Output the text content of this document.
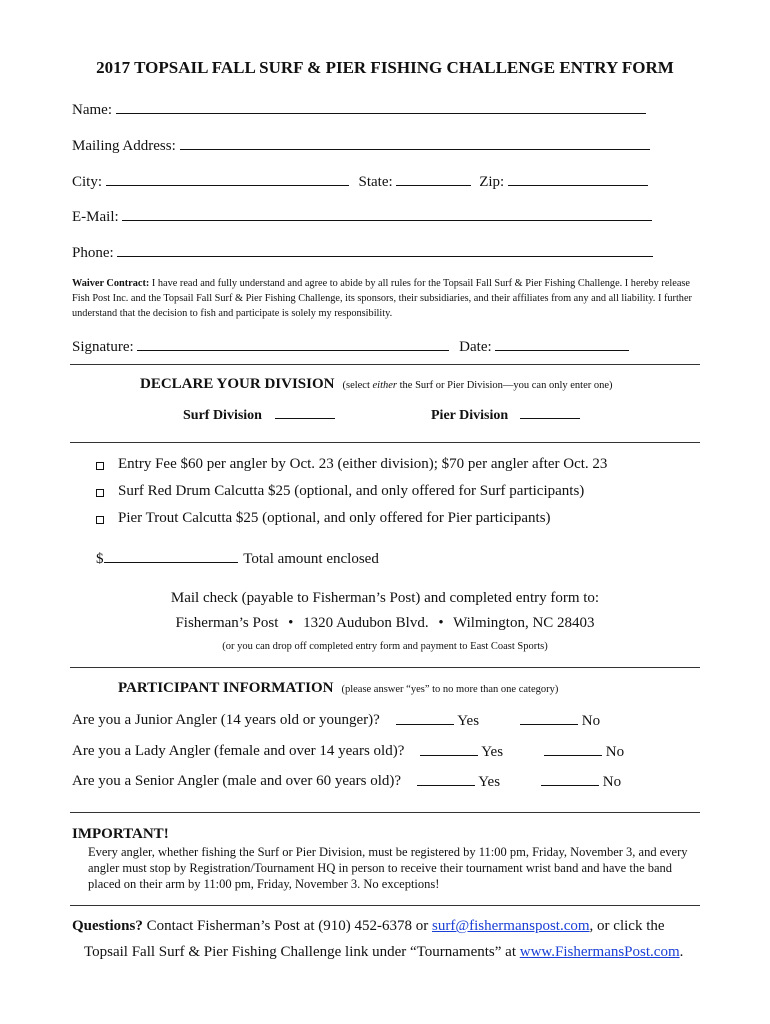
2017 TOPSAIL FALL SURF & PIER FISHING CHALLENGE ENTRY FORM
Name:
Mailing Address:
City:	State:	Zip:
E-Mail:
Phone:
Waiver Contract: I have read and fully understand and agree to abide by all rules for the Topsail Fall Surf & Pier Fishing Challenge. I hereby release Fish Post Inc. and the Topsail Fall Surf & Pier Fishing Challenge, its sponsors, their subsidiaries, and their affiliates from any and all liability. I further understand that the decision to fish and participate is solely my responsibility.
Signature:	Date:
DECLARE YOUR DIVISION (select either the Surf or Pier Division—you can only enter one)
Surf Division	Pier Division
Entry Fee $60 per angler by Oct. 23 (either division); $70 per angler after Oct. 23
Surf Red Drum Calcutta $25 (optional, and only offered for Surf participants)
Pier Trout Calcutta $25 (optional, and only offered for Pier participants)
$	Total amount enclosed
Mail check (payable to Fisherman’s Post) and completed entry form to:
Fisherman’s Post • 1320 Audubon Blvd. • Wilmington, NC 28403
(or you can drop off completed entry form and payment to East Coast Sports)
PARTICIPANT INFORMATION (please answer “yes” to no more than one category)
Are you a Junior Angler (14 years old or younger)?	Yes	No
Are you a Lady Angler (female and over 14 years old)?	Yes	No
Are you a Senior Angler (male and over 60 years old)?	Yes	No
IMPORTANT!
Every angler, whether fishing the Surf or Pier Division, must be registered by 11:00 pm, Friday, November 3, and every angler must stop by Registration/Tournament HQ in person to receive their tournament wrist band and have the band placed on their arm by 11:00 pm, Friday, November 3. No exceptions!
Questions? Contact Fisherman’s Post at (910) 452-6378 or surf@fishermanspost.com, or click the
Topsail Fall Surf & Pier Fishing Challenge link under “Tournaments” at www.FishermansPost.com.
